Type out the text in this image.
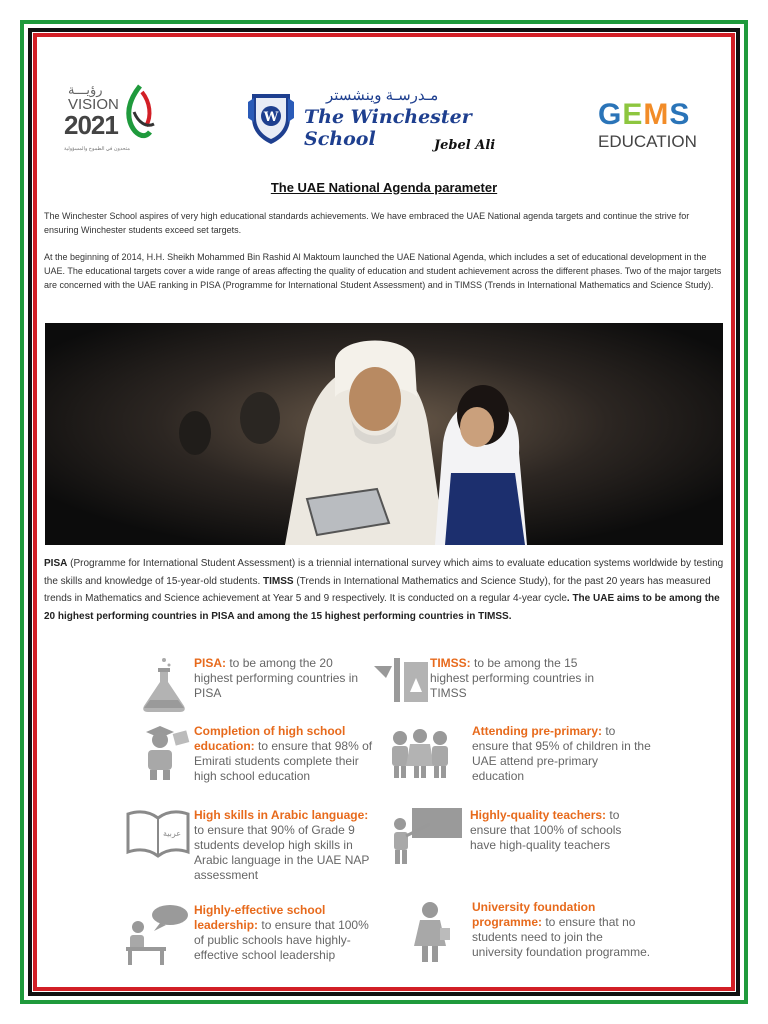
رؤيـــة
VISION
2021
متحدون في الطموح والمسؤولية
W
مـدرسـة وينشستر
The Winchester School	Jebel Ali
GEMS
EDUCATION
The UAE National Agenda parameter
The Winchester School aspires of very high educational standards achievements. We have embraced the UAE National agenda targets and continue the strive for ensuring Winchester students exceed set targets.
At the beginning of 2014, H.H. Sheikh Mohammed Bin Rashid Al Maktoum launched the UAE National Agenda, which includes a set of educational development in the UAE. The educational targets cover a wide range of areas affecting the quality of education and student achievement across the different phases. Two of the major targets are concerned with the UAE ranking in PISA (Programme for International Student Assessment) and in TIMSS (Trends in International Mathematics and Science Study).
PISA (Programme for International Student Assessment) is a triennial international survey which aims to evaluate education systems worldwide by testing the skills and knowledge of 15-year-old students. TIMSS (Trends in International Mathematics and Science Study), for the past 20 years has measured trends in Mathematics and Science achievement at Year 5 and 9 respectively. It is conducted on a regular 4-year cycle. The UAE aims to be among the 20 highest performing countries in PISA and among the 15 highest performing countries in TIMSS.
PISA: to be among the 20 highest performing countries in PISA
TIMSS: to be among the 15 highest performing countries in TIMSS
Completion of high school education: to ensure that 98% of Emirati students complete their high school education
Attending pre-primary: to ensure that 95% of children in the UAE attend pre-primary education
عربية
High skills in Arabic language: to ensure that 90% of Grade 9 students develop high skills in Arabic language in the UAE NAP assessment
Highly-quality teachers: to ensure that 100% of schools have high-quality teachers
Highly-effective school leadership: to ensure that 100% of public schools have highly-effective school leadership
University foundation programme: to ensure that no students need to join the university foundation programme.
